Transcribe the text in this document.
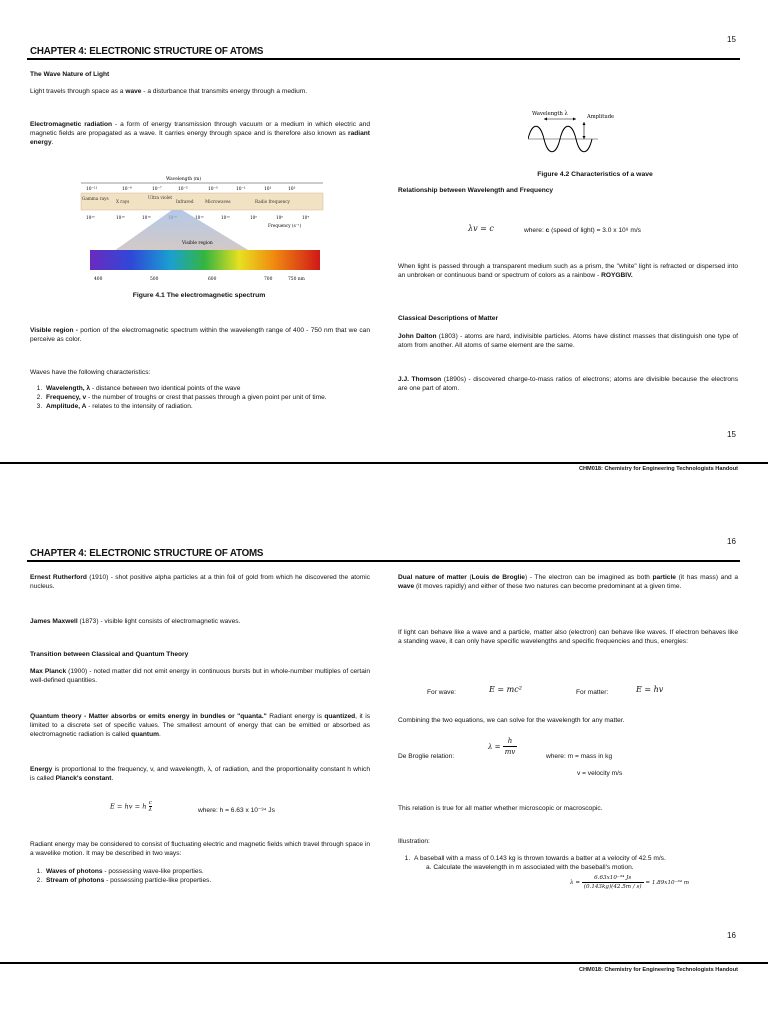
15
CHAPTER 4: ELECTRONIC STRUCTURE OF ATOMS
The Wave Nature of Light
Light travels through space as a wave - a disturbance that transmits energy through a medium.
Electromagnetic radiation - a form of energy transmission through vacuum or a medium in which electric and magnetic fields are propagated as a wave. It carries energy through space and is therefore also known as radiant energy.
Wavelength (m)
10⁻¹¹	10⁻⁹	10⁻⁷	10⁻⁵	10⁻³	10⁻¹	10¹	10³
Gamma rays
X rays
Ultra violet
Infrared	Microwaves	Radio frequency
10²⁰	10¹⁸	10¹⁶	10¹²	10¹⁰	10⁸	10⁶	10⁴
Frequency (s⁻¹)
Visible region
400	500	600	700	750 nm
Figure 4.1 The electromagnetic spectrum
Visible region - portion of the electromagnetic spectrum within the wavelength range of 400 - 750 nm that we can perceive as color.
Waves have the following characteristics:
1. Wavelength, λ - distance between two identical points of the wave
2. Frequency, v - the number of troughs or crest that passes through a given point per unit of time.
3. Amplitude, A - relates to the intensity of radiation.
Wavelength λ	Amplitude
Figure 4.2 Characteristics of a wave
Relationship between Wavelength and Frequency
λv = c	where: c (speed of light) = 3.0 x 10⁸ m/s
When light is passed through a transparent medium such as a prism, the "white" light is refracted or dispersed into an unbroken or continuous band or spectrum of colors as a rainbow - ROYGBIV.
Classical Descriptions of Matter
John Dalton (1803) - atoms are hard, indivisible particles. Atoms have distinct masses that distinguish one type of atom from another. All atoms of same element are the same.
J.J. Thomson (1890s) - discovered charge-to-mass ratios of electrons; atoms are divisible because the electrons are one part of atom.
15
CHM018: Chemistry for Engineering Technologists Handout
16
CHAPTER 4: ELECTRONIC STRUCTURE OF ATOMS
Ernest Rutherford (1910) - shot positive alpha particles at a thin foil of gold from which he discovered the atomic nucleus.
James Maxwell (1873) - visible light consists of electromagnetic waves.
Transition between Classical and Quantum Theory
Max Planck (1900) - noted matter did not emit energy in continuous bursts but in whole-number multiples of certain well-defined quantities.
Quantum theory - Matter absorbs or emits energy in bundles or "quanta." Radiant energy is quantized, it is limited to a discrete set of specific values. The smallest amount of energy that can be emitted or absorbed as electromagnetic radiation is called quantum.
Energy is proportional to the frequency, v, and wavelength, λ, of radiation, and the proportionality constant h which is called Planck's constant.
E = hv = h $\frac{c}{\lambda}$	where: h = 6.63 x 10⁻³⁴ Js
Radiant energy may be considered to consist of fluctuating electric and magnetic fields which travel through space in a wavelike motion. It may be described in two ways:
1. Waves of photons - possessing wave-like properties.
2. Stream of photons - possessing particle-like properties.
Dual nature of matter (Louis de Broglie) - The electron can be imagined as both particle (it has mass) and a wave (it moves rapidly) and either of these two natures can become predominant at a given time.
If light can behave like a wave and a particle, matter also (electron) can behave like waves. If electron behaves like a standing wave, it can only have specific wavelengths and specific frequencies and thus, energies:
For wave:	E = mc²	For matter:	E = hv
Combining the two equations, we can solve for the wavelength for any matter.
De Broglie relation:
$\lambda = \frac{h}{mv}$	where: m = mass in kg
v = velocity m/s
This relation is true for all matter whether microscopic or macroscopic.
Illustration:
1. A baseball with a mass of 0.143 kg is thrown towards a batter at a velocity of 42.5 m/s.
a. Calculate the wavelength in m associated with the baseball's motion.
$\lambda = \frac{\text{6.63x10⁻³⁴ Js}}{(0.143kg)(42.5m / s)} = 1.89x10^{-34}$ m
16
CHM018: Chemistry for Engineering Technologists Handout
